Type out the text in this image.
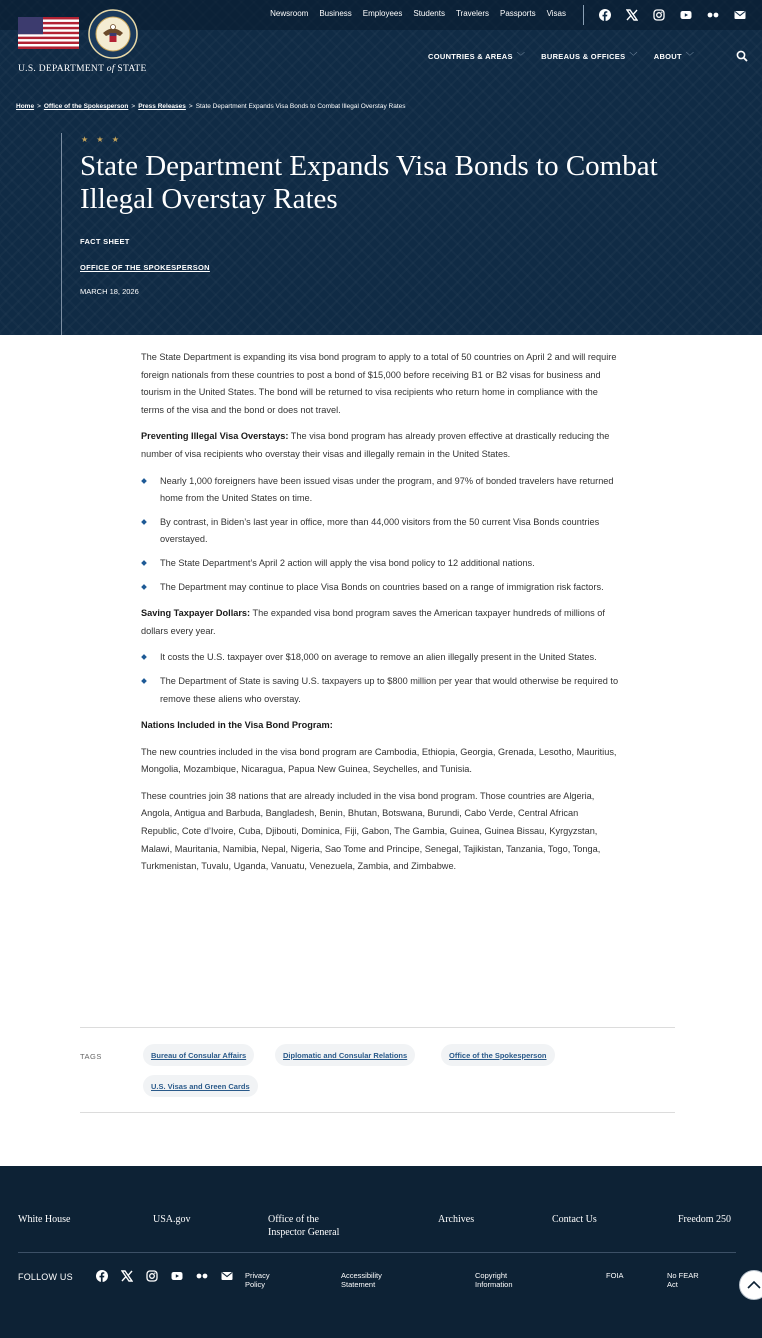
Newsroom Business Employees Students Travelers Passports Visas
U.S. DEPARTMENT of STATE
COUNTRIES & AREAS ﹀ BUREAUS & OFFICES ﹀ ABOUT ﹀
Home > Office of the Spokesperson > Press Releases > State Department Expands Visa Bonds to Combat Illegal Overstay Rates
★ ★ ★
State Department Expands Visa Bonds to Combat Illegal Overstay Rates
FACT SHEET
OFFICE OF THE SPOKESPERSON
MARCH 18, 2026

The State Department is expanding its visa bond program to apply to a total of 50 countries on April 2 and will require foreign nationals from these countries to post a bond of $15,000 before receiving B1 or B2 visas for business and tourism in the United States. The bond will be returned to visa recipients who return home in compliance with the terms of the visa and the bond or does not travel.

Preventing Illegal Visa Overstays: The visa bond program has already proven effective at drastically reducing the number of visa recipients who overstay their visas and illegally remain in the United States.

Nearly 1,000 foreigners have been issued visas under the program, and 97% of bonded travelers have returned home from the United States on time.
By contrast, in Biden’s last year in office, more than 44,000 visitors from the 50 current Visa Bonds countries overstayed.
The State Department’s April 2 action will apply the visa bond policy to 12 additional nations.
The Department may continue to place Visa Bonds on countries based on a range of immigration risk factors.

Saving Taxpayer Dollars: The expanded visa bond program saves the American taxpayer hundreds of millions of dollars every year.

It costs the U.S. taxpayer over $18,000 on average to remove an alien illegally present in the United States.
The Department of State is saving U.S. taxpayers up to $800 million per year that would otherwise be required to remove these aliens who overstay.

Nations Included in the Visa Bond Program:

The new countries included in the visa bond program are Cambodia, Ethiopia, Georgia, Grenada, Lesotho, Mauritius, Mongolia, Mozambique, Nicaragua, Papua New Guinea, Seychelles, and Tunisia.

These countries join 38 nations that are already included in the visa bond program. Those countries are Algeria, Angola, Antigua and Barbuda, Bangladesh, Benin, Bhutan, Botswana, Burundi, Cabo Verde, Central African Republic, Cote d’Ivoire, Cuba, Djibouti, Dominica, Fiji, Gabon, The Gambia, Guinea, Guinea Bissau, Kyrgyzstan, Malawi, Mauritania, Namibia, Nepal, Nigeria, Sao Tome and Principe, Senegal, Tajikistan, Tanzania, Togo, Tonga, Turkmenistan, Tuvalu, Uganda, Vanuatu, Venezuela, Zambia, and Zimbabwe.

TAGS	Bureau of Consular Affairs	Diplomatic and Consular Relations	Office of the Spokesperson
U.S. Visas and Green Cards
White House	USA.gov	Office of the
Inspector General
Archives	Contact Us	Freedom 250
FOLLOW US	Privacy
Policy
Accessibility
Statement
Copyright
Information
FOIA	No FEAR
Act
